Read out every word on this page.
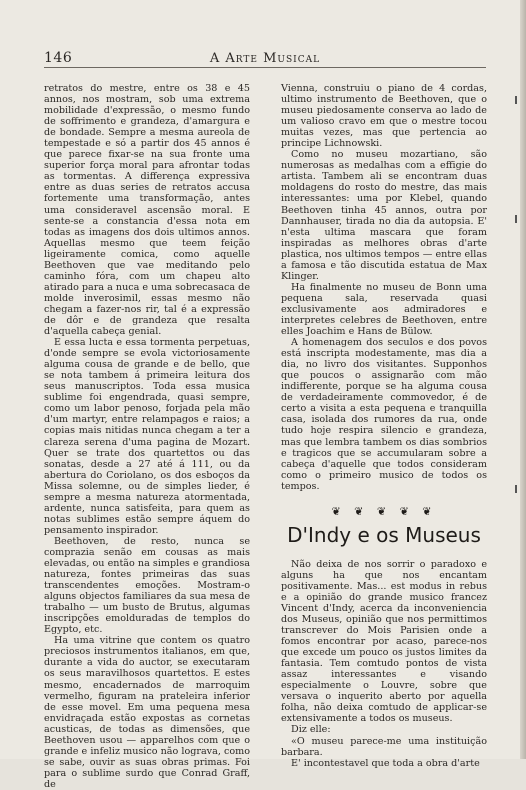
146	A Arte Musical

retratos do mestre, entre os 38 e 45 annos, nos mostram, sob uma extrema mobilidade d'expressão, o mesmo fundo de soffrimento e grandeza, d'amargura e de bondade. Sempre a mesma aureola de tempestade e só a partir dos 45 annos é que parece fixar-se na sua fronte uma superior força moral para afrontar todas as tormentas. A differença expressiva entre as duas series de retratos accusa fortemente uma transformação, antes uma consideravel ascensão moral. E sente-se a constancia d'essa nota em todas as imagens dos dois ultimos annos. Aquellas mesmo que teem feição ligeiramente comica, como aquelle Beethoven que vae meditando pelo caminho fóra, com um chapeu alto atirado para a nuca e uma sobrecasaca de molde inverosimil, essas mesmo não chegam a fazer-nos rir, tal é a expressão de dôr e de grandeza que resalta d'aquella cabeça genial.

E essa lucta e essa tormenta perpetuas, d'onde sempre se evola victoriosamente alguma cousa de grande e de bello, que se nota tambem á primeira leitura dos seus manuscriptos. Toda essa musica sublime foi engendrada, quasi sempre, como um labor penoso, forjada pela mão d'um martyr, entre relampagos e raios; a copias mais nitidas nunca chegam a ter a clareza serena d'uma pagina de Mozart. Quer se trate dos quartettos ou das sonatas, desde a 27 até á 111, ou da abertura do Coriolano, os dos esboços da Missa solemne, ou de simples lieder, é sempre a mesma natureza atormentada, ardente, nunca satisfeita, para quem as notas sublimes estão sempre áquem do pensamento inspirador.

Beethoven, de resto, nunca se comprazia senão em cousas as mais elevadas, ou então na simples e grandiosa natureza, fontes primeiras das suas transcendentes emoções. Mostram-o alguns objectos familiares da sua mesa de trabalho — um busto de Brutus, algumas inscripções emolduradas de templos do Egypto, etc.

Ha uma vitrine que contem os quatro preciosos instrumentos italianos, em que, durante a vida do auctor, se executaram os seus maravilhosos quartettos. E estes mesmo, encadernados de marroquim vermelho, figuram na prateleira inferior de esse movel. Em uma pequena mesa envidraçada estão expostas as cornetas acusticas, de todas as dimensões, que Beethoven usou — apparelhos com que o grande e infeliz musico não lograva, como se sabe, ouvir as suas obras primas. Foi para o sublime surdo que Conrad Graff, de

Vienna, construiu o piano de 4 cordas, ultimo instrumento de Beethoven, que o museu piedosamente conserva ao lado de um valioso cravo em que o mestre tocou muitas vezes, mas que pertencia ao principe Lichnowski.

Como no museu mozartiano, são numerosas as medalhas com a effigie do artista. Tambem ali se encontram duas moldagens do rosto do mestre, das mais interessantes: uma por Klebel, quando Beethoven tinha 45 annos, outra por Dannhauser, tirada no dia da autopsia. E' n'esta ultima mascara que foram inspiradas as melhores obras d'arte plastica, nos ultimos tempos — entre ellas a famosa e tão discutida estatua de Max Klinger.

Ha finalmente no museu de Bonn uma pequena sala, reservada quasi exclusivamente aos admiradores e interpretes celebres de Beethoven, entre elles Joachim e Hans de Bülow.

A homenagem dos seculos e dos povos está inscripta modestamente, mas dia a dia, no livro dos visitantes. Supponhos que poucos o assignarão com mão indifferente, porque se ha alguma cousa de verdadeiramente commovedor, é de certo a visita a esta pequena e tranquilla casa, isolada dos rumores da rua, onde tudo hoje respira silencio e grandeza, mas que lembra tambem os dias sombrios e tragicos que se accumularam sobre a cabeça d'aquelle que todos consideram como o primeiro musico de todos os tempos.

❦ ❦ ❦ ❦ ❦
D'Indy e os Museus

Não deixa de nos sorrir o paradoxo e alguns ha que nos encantam positivamente. Mas... est modus in rebus e a opinião do grande musico francez Vincent d'Indy, acerca da inconveniencia dos Museus, opinião que nos permittimos transcrever do Mois Parisien onde a fomos encontrar por acaso, parece-nos que excede um pouco os justos limites da fantasia. Tem comtudo pontos de vista assaz interessantes e visando especialmente o Louvre, sobre que versava o inquerito aberto por aquella folha, não deixa comtudo de applicar-se extensivamente a todos os museus.

Diz elle:

«O museu parece-me uma instituição barbara.

E' incontestavel que toda a obra d'arte
